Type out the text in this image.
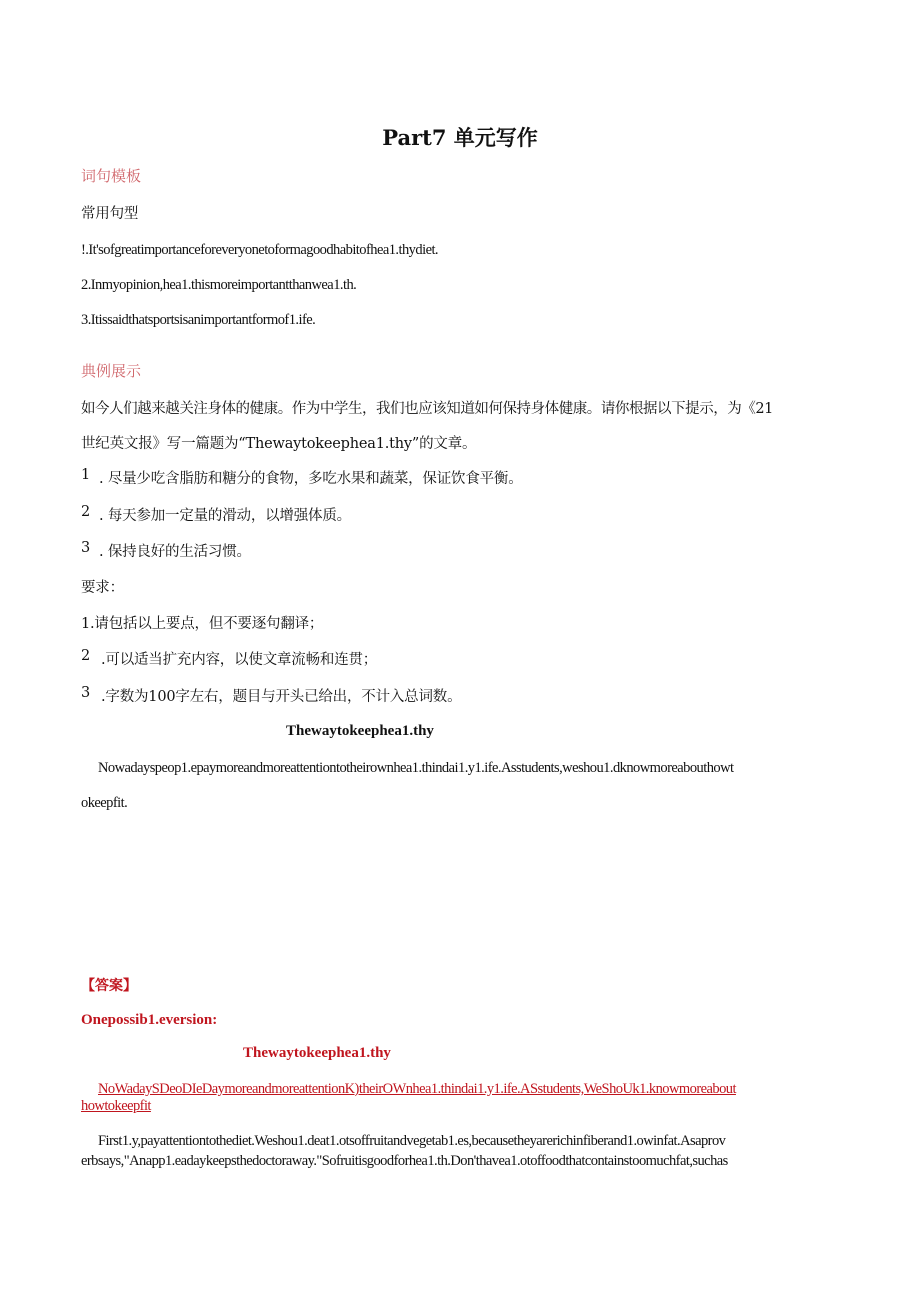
Part7 单元写作
词句模板
常用句型
!.It'sofgreatimportanceforeveryonetoformagoodhabitofhea1.thydiet.
2.Inmyopinion,hea1.thismoreimportantthanwea1.th.
3.Itissaidthatsportsisanimportantformof1.ife.
典例展示
如今人们越来越关注身体的健康。作为中学生，我们也应该知道如何保持身体健康。请你根据以下提示，为《21
世纪英文报》写一篇题为“Thewaytokeephea1.thy”的文章。
1 . 尽量少吃含脂肪和糖分的食物，多吃水果和蔬菜，保证饮食平衡。
2 . 每天参加一定量的滑动，以增强体质。
3 . 保持良好的生活习惯。
要求：
1.请包括以上要点，但不要逐句翻译；
2 .可以适当扩充内容，以使文章流畅和连贯；
3 .字数为100字左右，题目与开头已给出，不计入总词数。
Thewaytokeephea1.thy
Nowadayspeop1.epaymoreandmoreattentiontotheirownhea1.thindai1.y1.ife.Asstudents,weshou1.dknowmoreabouthowt
okeepfit.
【答案】
Onepossib1.eversion:
Thewaytokeephea1.thy
NoWadaySDeoDIeDaymoreandmoreattentionK)theirOWnhea1.thindai1.y1.ife.ASstudents,WeShoUk1.knowmoreabout
howtokeepfit
First1.y,payattentiontothediet.Weshou1.deat1.otsoffruitandvegetab1.es,becausetheyarerichinfiberand1.owinfat.Asaprov
erbsays,"Anapp1.eadaykeepsthedoctoraway."Sofruitisgoodforhea1.th.Don'thavea1.otoffoodthatcontainstoomuchfat,suchas
